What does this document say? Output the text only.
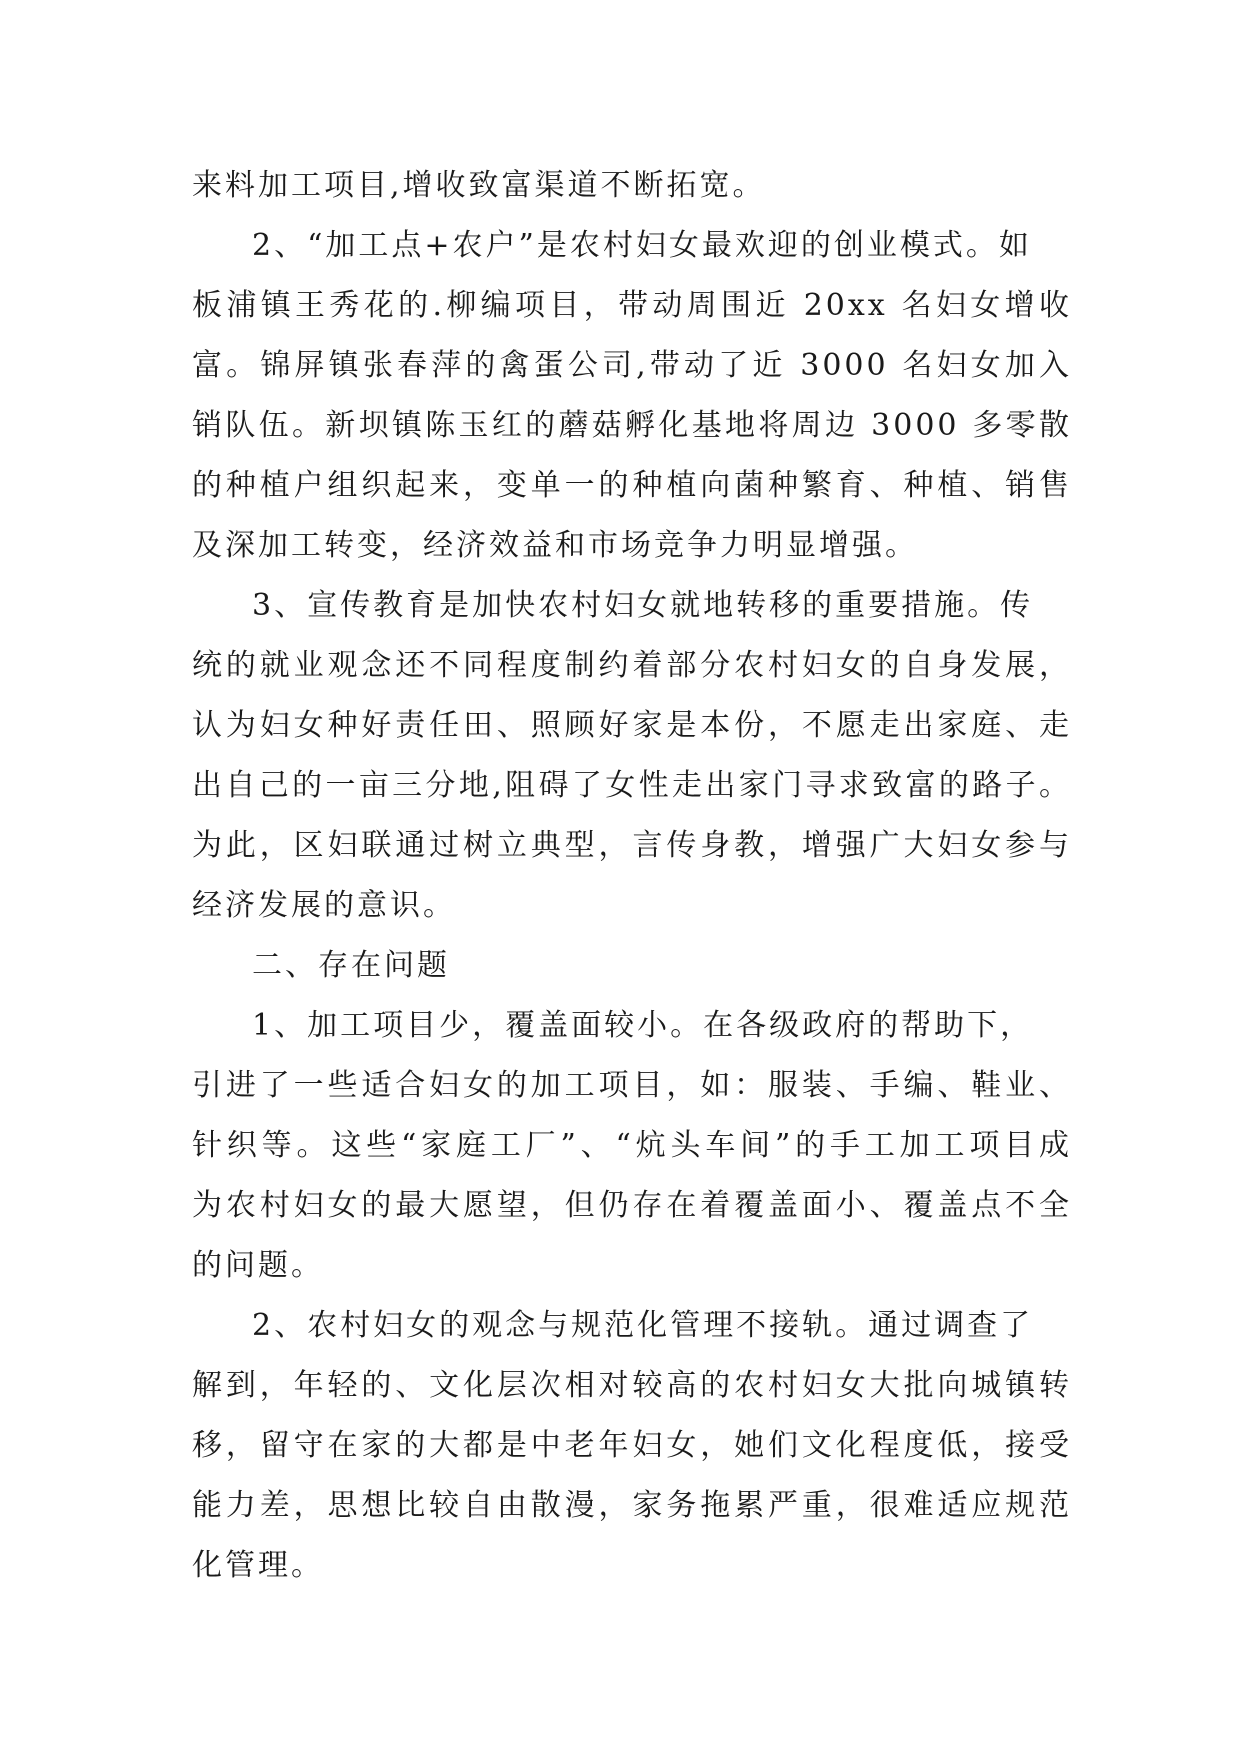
来料加工项目,增收致富渠道不断拓宽。
2、“加工点+农户”是农村妇女最欢迎的创业模式。如
板浦镇王秀花的.柳编项目，带动周围近 20xx 名妇女增收
富。锦屏镇张春萍的禽蛋公司,带动了近 3000 名妇女加入
销队伍。新坝镇陈玉红的蘑菇孵化基地将周边 3000 多零散
的种植户组织起来，变单一的种植向菌种繁育、种植、销售
及深加工转变，经济效益和市场竞争力明显增强。
3、宣传教育是加快农村妇女就地转移的重要措施。传
统的就业观念还不同程度制约着部分农村妇女的自身发展，
认为妇女种好责任田、照顾好家是本份，不愿走出家庭、走
出自己的一亩三分地,阻碍了女性走出家门寻求致富的路子。
为此，区妇联通过树立典型，言传身教，增强广大妇女参与
经济发展的意识。
二、存在问题
1、加工项目少，覆盖面较小。在各级政府的帮助下，
引进了一些适合妇女的加工项目，如：服装、手编、鞋业、
针织等。这些“家庭工厂”、“炕头车间”的手工加工项目成
为农村妇女的最大愿望，但仍存在着覆盖面小、覆盖点不全
的问题。
2、农村妇女的观念与规范化管理不接轨。通过调查了
解到，年轻的、文化层次相对较高的农村妇女大批向城镇转
移，留守在家的大都是中老年妇女，她们文化程度低，接受
能力差，思想比较自由散漫，家务拖累严重，很难适应规范
化管理。
